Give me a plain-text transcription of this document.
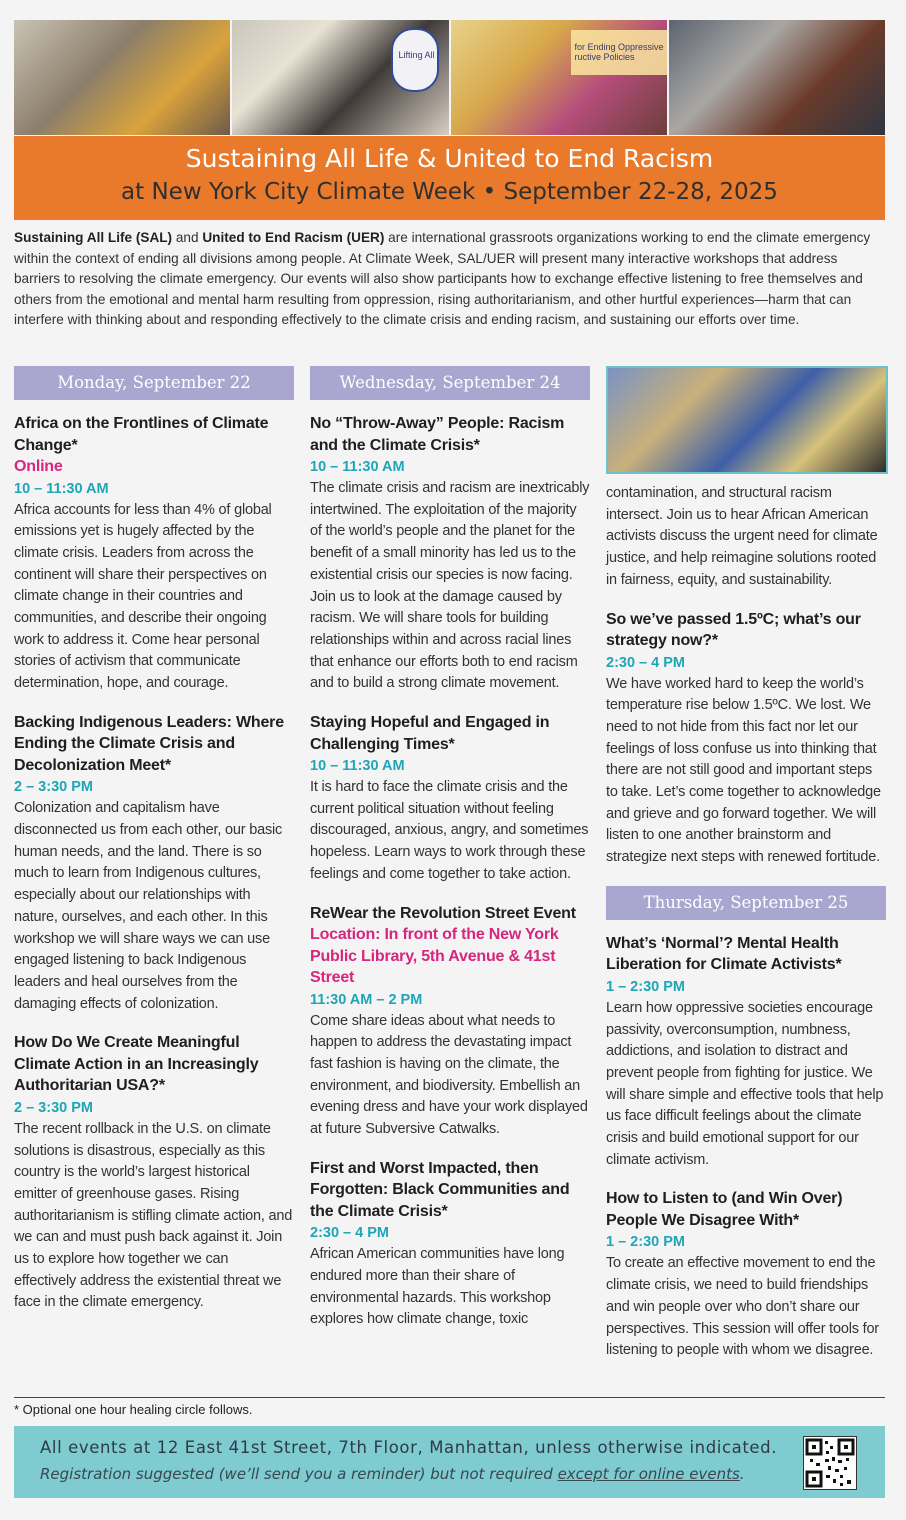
Lifting All
for Ending Oppressive ructive Policies
Sustaining All Life & United to End Racism
at New York City Climate Week • September 22-28, 2025
Sustaining All Life (SAL) and United to End Racism (UER) are international grassroots organizations working to end the climate emergency within the context of ending all divisions among people. At Climate Week, SAL/UER will present many interactive workshops that address barriers to resolving the climate emergency. Our events will also show participants how to exchange effective listening to free themselves and others from the emotional and mental harm resulting from oppression, rising authoritarianism, and other hurtful experiences—harm that can interfere with thinking about and responding effectively to the climate crisis and ending racism, and sustaining our efforts over time.
Monday, September 22
Africa on the Frontlines of Climate Change*
Online
10 – 11:30 AM
Africa accounts for less than 4% of global emissions yet is hugely affected by the climate crisis. Leaders from across the continent will share their perspectives on climate change in their countries and communities, and describe their ongoing work to address it. Come hear personal stories of activism that communicate determination, hope, and courage.
Backing Indigenous Leaders: Where Ending the Climate Crisis and Decolonization Meet*
2 – 3:30 PM
Colonization and capitalism have disconnected us from each other, our basic human needs, and the land. There is so much to learn from Indigenous cultures, especially about our relationships with nature, ourselves, and each other. In this workshop we will share ways we can use engaged listening to back Indigenous leaders and heal ourselves from the damaging effects of colonization.
How Do We Create Meaningful Climate Action in an Increasingly Authoritarian USA?*
2 – 3:30 PM
The recent rollback in the U.S. on climate solutions is disastrous, especially as this country is the world’s largest historical emitter of greenhouse gases. Rising authoritarianism is stifling climate action, and we can and must push back against it. Join us to explore how together we can effectively address the existential threat we face in the climate emergency.
Wednesday, September 24
No “Throw-Away” People: Racism and the Climate Crisis*
10 – 11:30 AM
The climate crisis and racism are inextricably intertwined. The exploitation of the majority of the world’s people and the planet for the benefit of a small minority has led us to the existential crisis our species is now facing. Join us to look at the damage caused by racism. We will share tools for building relationships within and across racial lines that enhance our efforts both to end racism and to build a strong climate movement.
Staying Hopeful and Engaged in Challenging Times*
10 – 11:30 AM
It is hard to face the climate crisis and the current political situation without feeling discouraged, anxious, angry, and sometimes hopeless. Learn ways to work through these feelings and come together to take action.
ReWear the Revolution Street Event
Location: In front of the New York Public Library, 5th Avenue & 41st Street
11:30 AM – 2 PM
Come share ideas about what needs to happen to address the devastating impact fast fashion is having on the climate, the environment, and biodiversity. Embellish an evening dress and have your work displayed at future Subversive Catwalks.
First and Worst Impacted, then Forgotten: Black Communities and the Climate Crisis*
2:30 – 4 PM
African American communities have long endured more than their share of environmental hazards. This workshop explores how climate change, toxic
contamination, and structural racism intersect. Join us to hear African American activists discuss the urgent need for climate justice, and help reimagine solutions rooted in fairness, equity, and sustainability.
So we’ve passed 1.5ºC; what’s our strategy now?*
2:30 – 4 PM
We have worked hard to keep the world’s temperature rise below 1.5ºC. We lost. We need to not hide from this fact nor let our feelings of loss confuse us into thinking that there are not still good and important steps to take. Let’s come together to acknowledge and grieve and go forward together. We will listen to one another brainstorm and strategize next steps with renewed fortitude.
Thursday, September 25
What’s ‘Normal’? Mental Health Liberation for Climate Activists*
1 – 2:30 PM
Learn how oppressive societies encourage passivity, overconsumption, numbness, addictions, and isolation to distract and prevent people from fighting for justice. We will share simple and effective tools that help us face difficult feelings about the climate crisis and build emotional support for our climate activism.
How to Listen to (and Win Over) People We Disagree With*
1 – 2:30 PM
To create an effective movement to end the climate crisis, we need to build friendships and win people over who don’t share our perspectives. This session will offer tools for listening to people with whom we disagree.
* Optional one hour healing circle follows.
All events at 12 East 41st Street, 7th Floor, Manhattan, unless otherwise indicated.
Registration suggested (we’ll send you a reminder) but not required except for online events.
